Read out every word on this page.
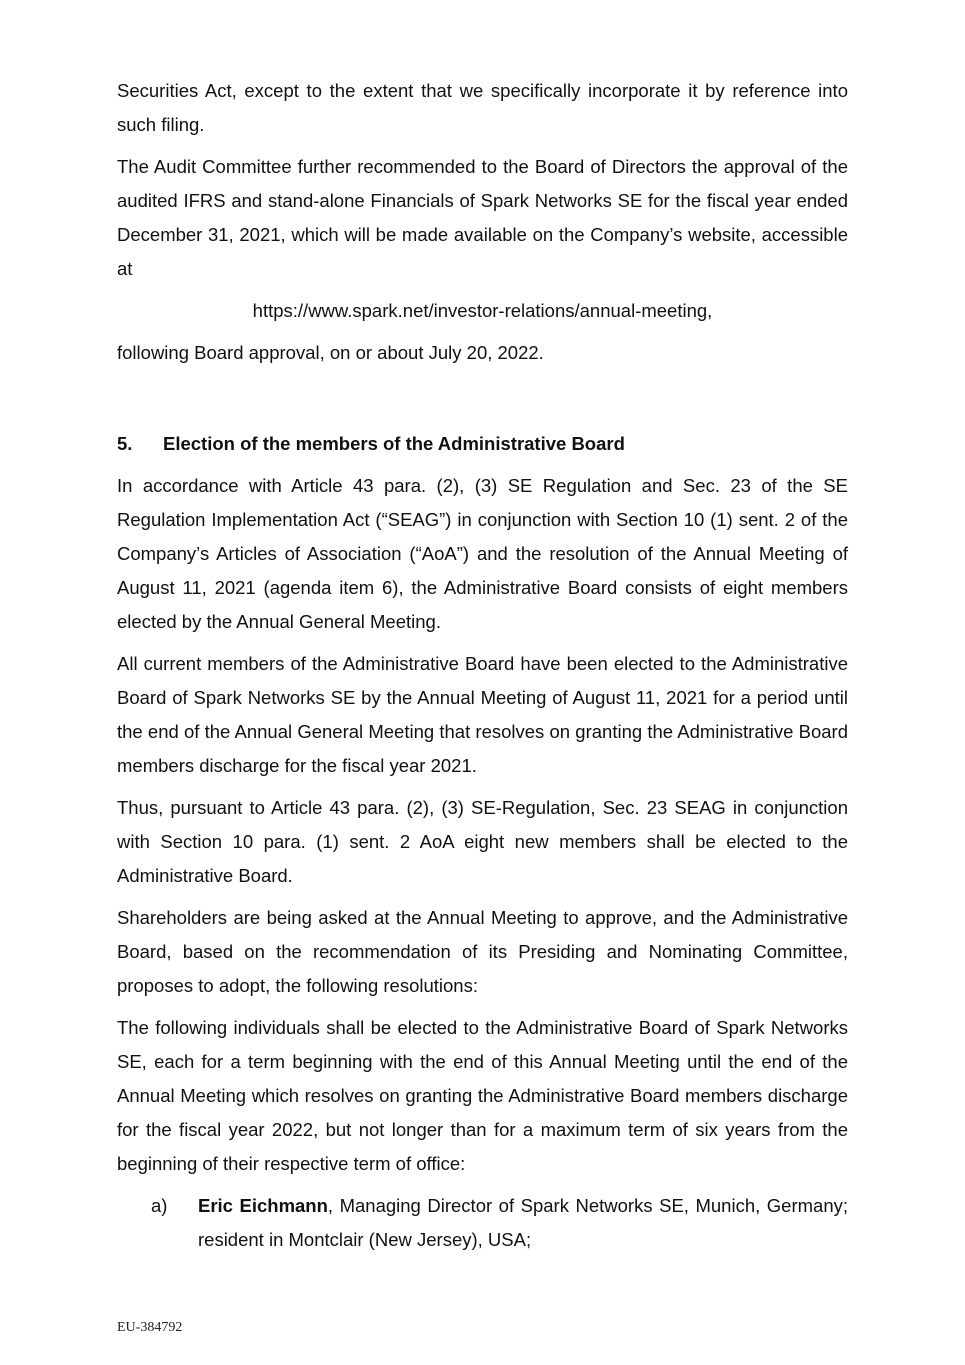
Securities Act, except to the extent that we specifically incorporate it by reference into such filing.

The Audit Committee further recommended to the Board of Directors the approval of the audited IFRS and stand-alone Financials of Spark Networks SE for the fiscal year ended December 31, 2021, which will be made available on the Company’s website, accessible at

https://www.spark.net/investor-relations/annual-meeting,

following Board approval, on or about July 20, 2022.

5.	Election of the members of the Administrative Board

In accordance with Article 43 para. (2), (3) SE Regulation and Sec. 23 of the SE Regulation Implementation Act (“SEAG”) in conjunction with Section 10 (1) sent. 2 of the Company’s Articles of Association (“AoA”) and the resolution of the Annual Meeting of August 11, 2021 (agenda item 6), the Administrative Board consists of eight members elected by the Annual General Meeting.

All current members of the Administrative Board have been elected to the Administrative Board of Spark Networks SE by the Annual Meeting of August 11, 2021 for a period until the end of the Annual General Meeting that resolves on granting the Administrative Board members discharge for the fiscal year 2021.

Thus, pursuant to Article 43 para. (2), (3) SE-Regulation, Sec. 23 SEAG in conjunction with Section 10 para. (1) sent. 2 AoA eight new members shall be elected to the Administrative Board.

Shareholders are being asked at the Annual Meeting to approve, and the Administrative Board, based on the recommendation of its Presiding and Nominating Committee, proposes to adopt, the following resolutions:

The following individuals shall be elected to the Administrative Board of Spark Networks SE, each for a term beginning with the end of this Annual Meeting until the end of the Annual Meeting which resolves on granting the Administrative Board members discharge for the fiscal year 2022, but not longer than for a maximum term of six years from the beginning of their respective term of office:

a)	Eric Eichmann, Managing Director of Spark Networks SE, Munich, Germany; resident in Montclair (New Jersey), USA;
EU-384792
